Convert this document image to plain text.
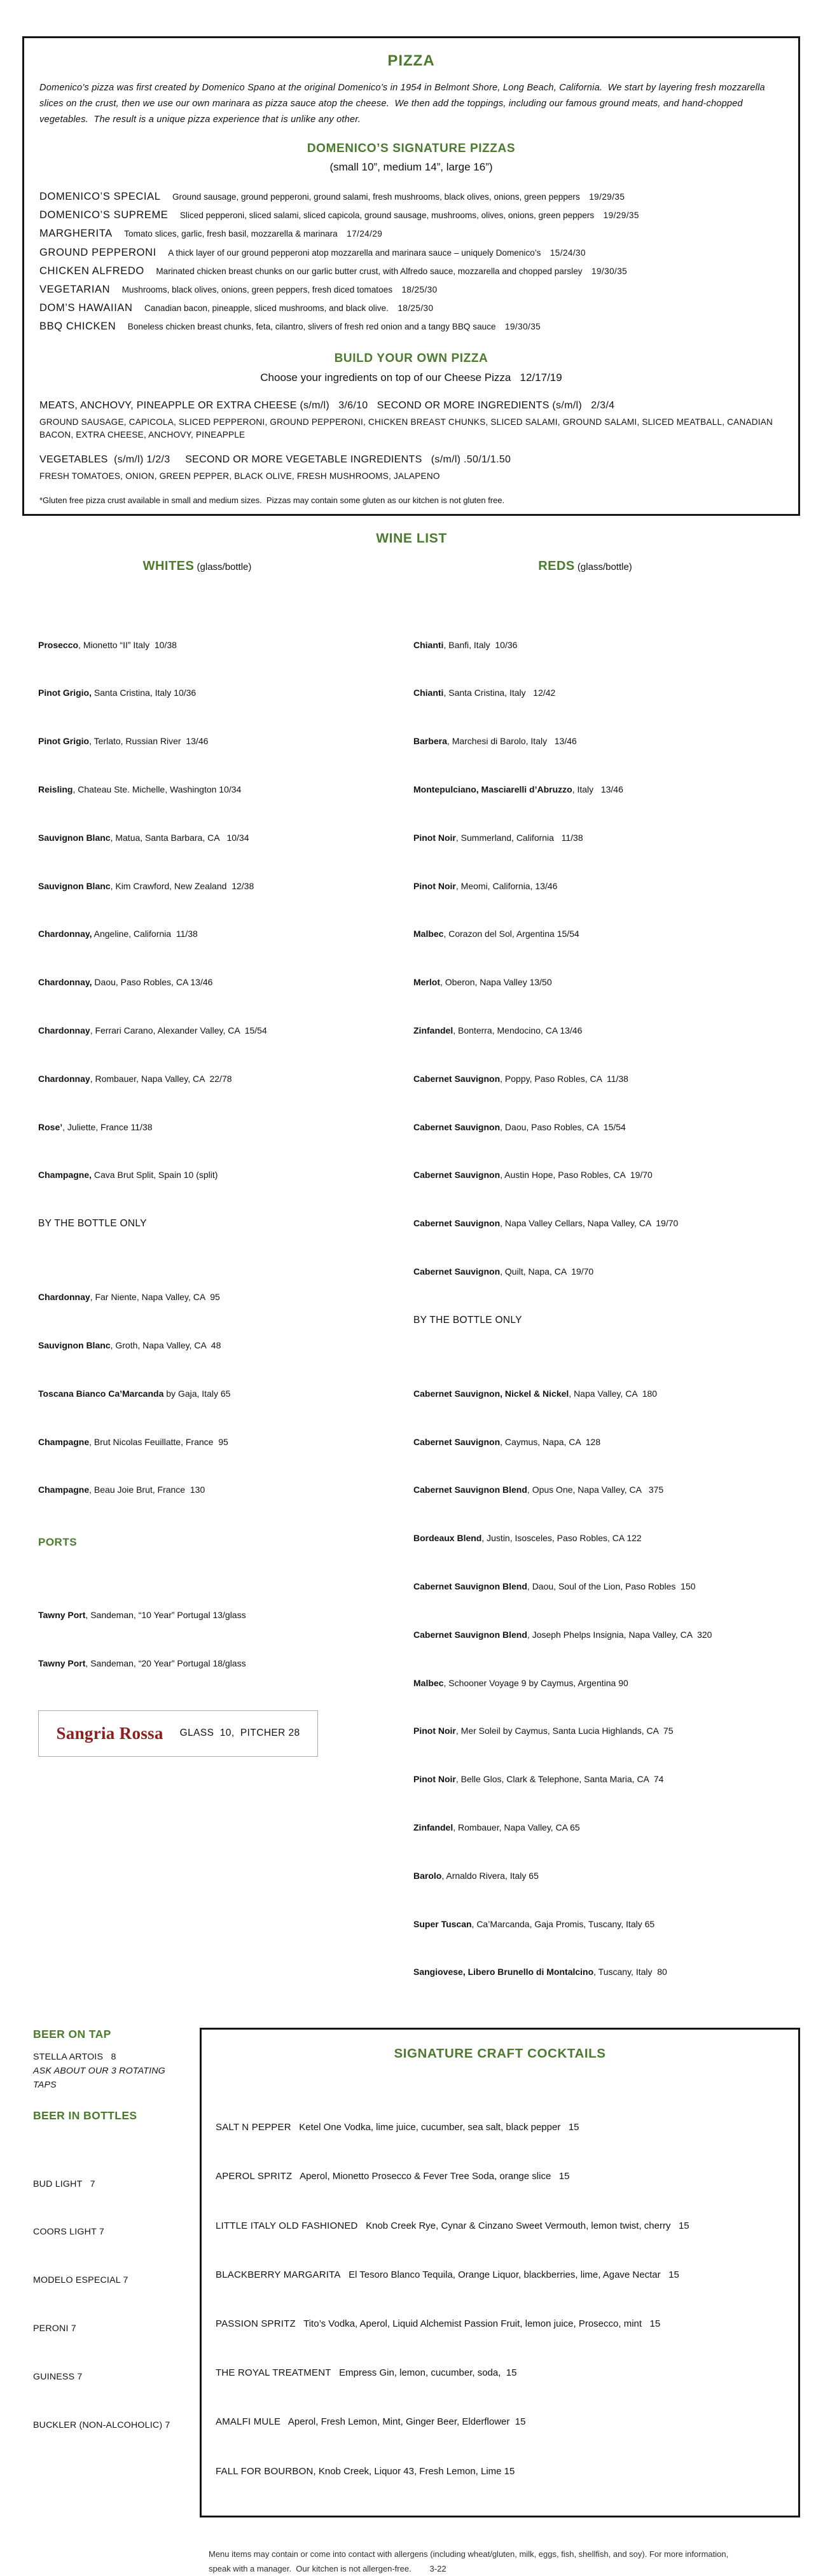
PIZZA

Domenico’s pizza was first created by Domenico Spano at the original Domenico’s in 1954 in Belmont Shore, Long Beach, California.  We start by layering fresh mozzarella slices on the crust, then we use our own marinara as pizza sauce atop the cheese.  We then add the toppings, including our famous ground meats, and hand-chopped vegetables.  The result is a unique pizza experience that is unlike any other.

DOMENICO’S SIGNATURE PIZZAS
(small 10”, medium 14”, large 16”)
DOMENICO’S SPECIAL Ground sausage, ground pepperoni, ground salami, fresh mushrooms, black olives, onions, green peppers 19/29/35
DOMENICO’S SUPREME Sliced pepperoni, sliced salami, sliced capicola, ground sausage, mushrooms, olives, onions, green peppers 19/29/35
MARGHERITA Tomato slices, garlic, fresh basil, mozzarella & marinara 17/24/29
GROUND PEPPERONI A thick layer of our ground pepperoni atop mozzarella and marinara sauce – uniquely Domenico’s 15/24/30
CHICKEN ALFREDO Marinated chicken breast chunks on our garlic butter crust, with Alfredo sauce, mozzarella and chopped parsley 19/30/35
VEGETARIAN Mushrooms, black olives, onions, green peppers, fresh diced tomatoes 18/25/30
DOM’S HAWAIIAN Canadian bacon, pineapple, sliced mushrooms, and black olive. 18/25/30
BBQ CHICKEN Boneless chicken breast chunks, feta, cilantro, slivers of fresh red onion and a tangy BBQ sauce 19/30/35
BUILD YOUR OWN PIZZA
Choose your ingredients on top of our Cheese Pizza   12/17/19
MEATS, ANCHOVY, PINEAPPLE OR EXTRA CHEESE (s/m/l)   3/6/10   SECOND OR MORE INGREDIENTS (s/m/l)   2/3/4
GROUND SAUSAGE, CAPICOLA, SLICED PEPPERONI, GROUND PEPPERONI, CHICKEN BREAST CHUNKS, SLICED SALAMI, GROUND SALAMI, SLICED MEATBALL, CANADIAN BACON, EXTRA CHEESE, ANCHOVY, PINEAPPLE
VEGETABLES  (s/m/l) 1/2/3     SECOND OR MORE VEGETABLE INGREDIENTS   (s/m/l) .50/1/1.50
FRESH TOMATOES, ONION, GREEN PEPPER, BLACK OLIVE, FRESH MUSHROOMS, JALAPENO
*Gluten free pizza crust available in small and medium sizes.  Pizzas may contain some gluten as our kitchen is not gluten free.
WINE LIST
WHITES (glass/bottle)

Prosecco, Mionetto “II” Italy  10/38

Pinot Grigio, Santa Cristina, Italy 10/36

Pinot Grigio, Terlato, Russian River  13/46

Reisling, Chateau Ste. Michelle, Washington 10/34

Sauvignon Blanc, Matua, Santa Barbara, CA   10/34

Sauvignon Blanc, Kim Crawford, New Zealand  12/38

Chardonnay, Angeline, California  11/38

Chardonnay, Daou, Paso Robles, CA 13/46

Chardonnay, Ferrari Carano, Alexander Valley, CA  15/54

Chardonnay, Rombauer, Napa Valley, CA  22/78

Rose’, Juliette, France 11/38

Champagne, Cava Brut Split, Spain 10 (split)

BY THE BOTTLE ONLY

Chardonnay, Far Niente, Napa Valley, CA  95

Sauvignon Blanc, Groth, Napa Valley, CA  48

Toscana Bianco Ca’Marcanda by Gaja, Italy 65

Champagne, Brut Nicolas Feuillatte, France  95

Champagne, Beau Joie Brut, France  130

PORTS

Tawny Port, Sandeman, “10 Year” Portugal 13/glass

Tawny Port, Sandeman, “20 Year” Portugal 18/glass

Sangria Rossa GLASS  10,  PITCHER 28
REDS (glass/bottle)

Chianti, Banfi, Italy  10/36

Chianti, Santa Cristina, Italy   12/42

Barbera, Marchesi di Barolo, Italy   13/46

Montepulciano, Masciarelli d’Abruzzo, Italy   13/46

Pinot Noir, Summerland, California   11/38

Pinot Noir, Meomi, California, 13/46

Malbec, Corazon del Sol, Argentina 15/54

Merlot, Oberon, Napa Valley 13/50

Zinfandel, Bonterra, Mendocino, CA 13/46

Cabernet Sauvignon, Poppy, Paso Robles, CA  11/38

Cabernet Sauvignon, Daou, Paso Robles, CA  15/54

Cabernet Sauvignon, Austin Hope, Paso Robles, CA  19/70

Cabernet Sauvignon, Napa Valley Cellars, Napa Valley, CA  19/70

Cabernet Sauvignon, Quilt, Napa, CA  19/70

BY THE BOTTLE ONLY

Cabernet Sauvignon, Nickel & Nickel, Napa Valley, CA  180

Cabernet Sauvignon, Caymus, Napa, CA  128

Cabernet Sauvignon Blend, Opus One, Napa Valley, CA   375

Bordeaux Blend, Justin, Isosceles, Paso Robles, CA 122

Cabernet Sauvignon Blend, Daou, Soul of the Lion, Paso Robles  150

Cabernet Sauvignon Blend, Joseph Phelps Insignia, Napa Valley, CA  320

Malbec, Schooner Voyage 9 by Caymus, Argentina 90

Pinot Noir, Mer Soleil by Caymus, Santa Lucia Highlands, CA  75

Pinot Noir, Belle Glos, Clark & Telephone, Santa Maria, CA  74

Zinfandel, Rombauer, Napa Valley, CA 65

Barolo, Arnaldo Rivera, Italy 65

Super Tuscan, Ca’Marcanda, Gaja Promis, Tuscany, Italy 65

Sangiovese, Libero Brunello di Montalcino, Tuscany, Italy  80

BEER ON TAP
STELLA ARTOIS   8
ASK ABOUT OUR 3 ROTATING TAPS
BEER IN BOTTLES

BUD LIGHT   7

COORS LIGHT 7

MODELO ESPECIAL 7

PERONI 7

GUINESS 7

BUCKLER (NON-ALCOHOLIC) 7

SIGNATURE CRAFT COCKTAILS

SALT N PEPPER   Ketel One Vodka, lime juice, cucumber, sea salt, black pepper   15

APEROL SPRITZ   Aperol, Mionetto Prosecco & Fever Tree Soda, orange slice   15

LITTLE ITALY OLD FASHIONED   Knob Creek Rye, Cynar & Cinzano Sweet Vermouth, lemon twist, cherry   15

BLACKBERRY MARGARITA   El Tesoro Blanco Tequila, Orange Liquor, blackberries, lime, Agave Nectar   15

PASSION SPRITZ   Tito’s Vodka, Aperol, Liquid Alchemist Passion Fruit, lemon juice, Prosecco, mint   15

THE ROYAL TREATMENT   Empress Gin, lemon, cucumber, soda,  15

AMALFI MULE   Aperol, Fresh Lemon, Mint, Ginger Beer, Elderflower  15

FALL FOR BOURBON, Knob Creek, Liquor 43, Fresh Lemon, Lime 15

Menu items may contain or come into contact with allergens (including wheat/gluten, milk, eggs, fish, shellfish, and soy). For more information,
speak with a manager.  Our kitchen is not allergen-free.        3-22
